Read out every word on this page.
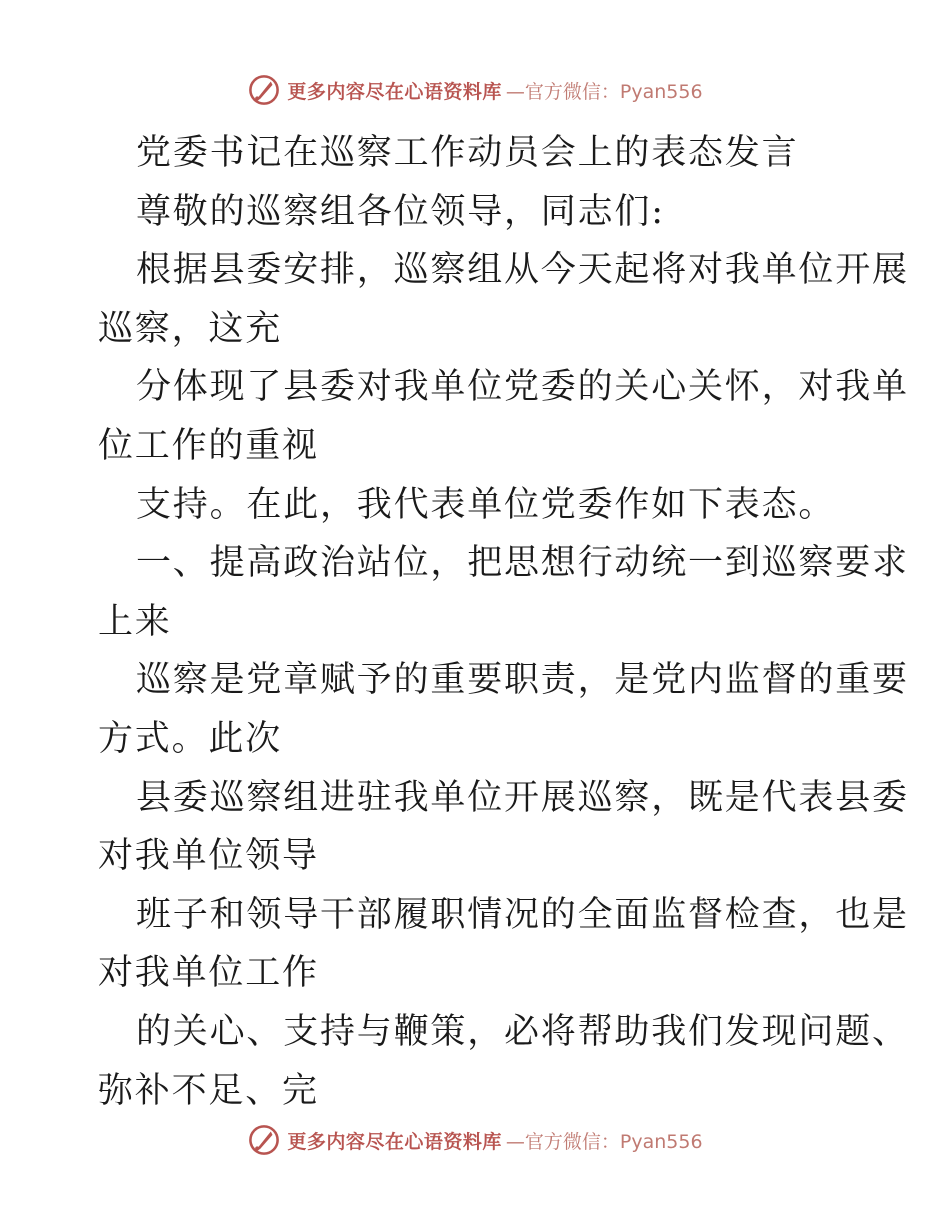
更多内容尽在心语资料库 —官方微信：Pyan556
党委书记在巡察工作动员会上的表态发言
尊敬的巡察组各位领导，同志们:
根据县委安排，巡察组从今天起将对我单位开展
巡察，这充
分体现了县委对我单位党委的关心关怀，对我单
位工作的重视
支持。在此，我代表单位党委作如下表态。
一、提高政治站位，把思想行动统一到巡察要求
上来
巡察是党章赋予的重要职责，是党内监督的重要
方式。此次
县委巡察组进驻我单位开展巡察，既是代表县委
对我单位领导
班子和领导干部履职情况的全面监督检查，也是
对我单位工作
的关心、支持与鞭策，必将帮助我们发现问题、
弥补不足、完
更多内容尽在心语资料库 —官方微信：Pyan556
